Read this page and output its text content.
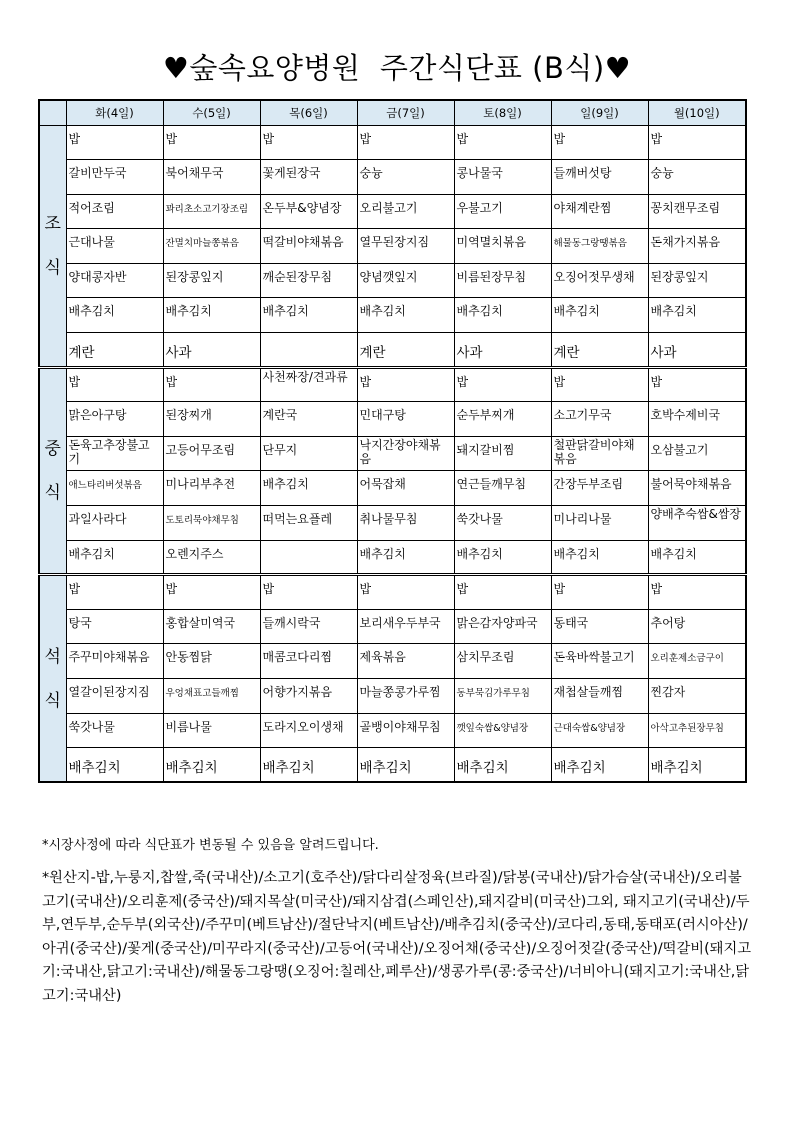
♥숲속요양병원  주간식단표 (B식)♥
	화(4일)	수(5일)	목(6일)	금(7일)	토(8일)	일(9일)	월(10일)
조

식	밥	밥	밥	밥	밥	밥	밥
	갈비만두국	북어채무국	꽃게된장국	숭늉	콩나물국	들깨버섯탕	숭늉
	적어조림	꽈리초소고기장조림	온두부&양념장	오리불고기	우불고기	야채계란찜	꽁치캔무조림
	근대나물	잔멸치마늘쫑볶음	떡갈비야채볶음	열무된장지짐	미역멸치볶음	해물동그랑땡볶음	돈채가지볶음
	양대콩자반	된장콩잎지	깨순된장무침	양념깻잎지	비름된장무침	오징어젓무생채	된장콩잎지
	배추김치	배추김치	배추김치	배추김치	배추김치	배추김치	배추김치
	계란	사과		계란	사과	계란	사과
중

식	밥	밥	사천짜장/견과류	밥	밥	밥	밥
	맑은아구탕	된장찌개	계란국	민대구탕	순두부찌개	소고기무국	호박수제비국
	돈육고추장불고기	고등어무조림	단무지	낙지간장야채볶음	돼지갈비찜	철판닭갈비야채볶음	오삼불고기
	애느타리버섯볶음	미나리부추전	배추김치	어묵잡채	연근들깨무침	간장두부조림	불어묵야채볶음
	과일사라다	도토리묵야채무침	떠먹는요플레	취나물무침	쑥갓나물	미나리나물	양배추숙쌈&쌈장
	배추김치	오렌지주스		배추김치	배추김치	배추김치	배추김치
석

식	밥	밥	밥	밥	밥	밥	밥
	탕국	홍합살미역국	들깨시락국	보리새우두부국	맑은감자양파국	동태국	추어탕
	주꾸미야채볶음	안동찜닭	매콤코다리찜	제육볶음	삼치무조림	돈육바싹불고기	오리훈제소금구이
	열갈이된장지짐	우엉채표고들깨찜	어향가지볶음	마늘쫑콩가루찜	동부묵김가루무침	재첩살들깨찜	찐감자
	쑥갓나물	비름나물	도라지오이생채	골뱅이야채무침	깻잎숙쌈&양념장	근대숙쌈&양념장	아삭고추된장무침
	배추김치	배추김치	배추김치	배추김치	배추김치	배추김치	배추김치

*시장사정에 따라 식단표가 변동될 수 있음을 알려드립니다.

*원산지-밥,누룽지,찹쌀,죽(국내산)/소고기(호주산)/닭다리살정육(브라질)/닭봉(국내산)/닭가슴살(국내산)/오리불고기(국내산)/오리훈제(중국산)/돼지목살(미국산)/돼지삼겹(스페인산),돼지갈비(미국산)그외, 돼지고기(국내산)/두부,연두부,순두부(외국산)/주꾸미(베트남산)/절단낙지(베트남산)/배추김치(중국산)/코다리,동태,동태포(러시아산)/아귀(중국산)/꽃게(중국산)/미꾸라지(중국산)/고등어(국내산)/오징어채(중국산)/오징어젓갈(중국산)/떡갈비(돼지고기:국내산,닭고기:국내산)/해물동그랑땡(오징어:칠레산,페루산)/생콩가루(콩:중국산)/너비아니(돼지고기:국내산,닭고기:국내산)
